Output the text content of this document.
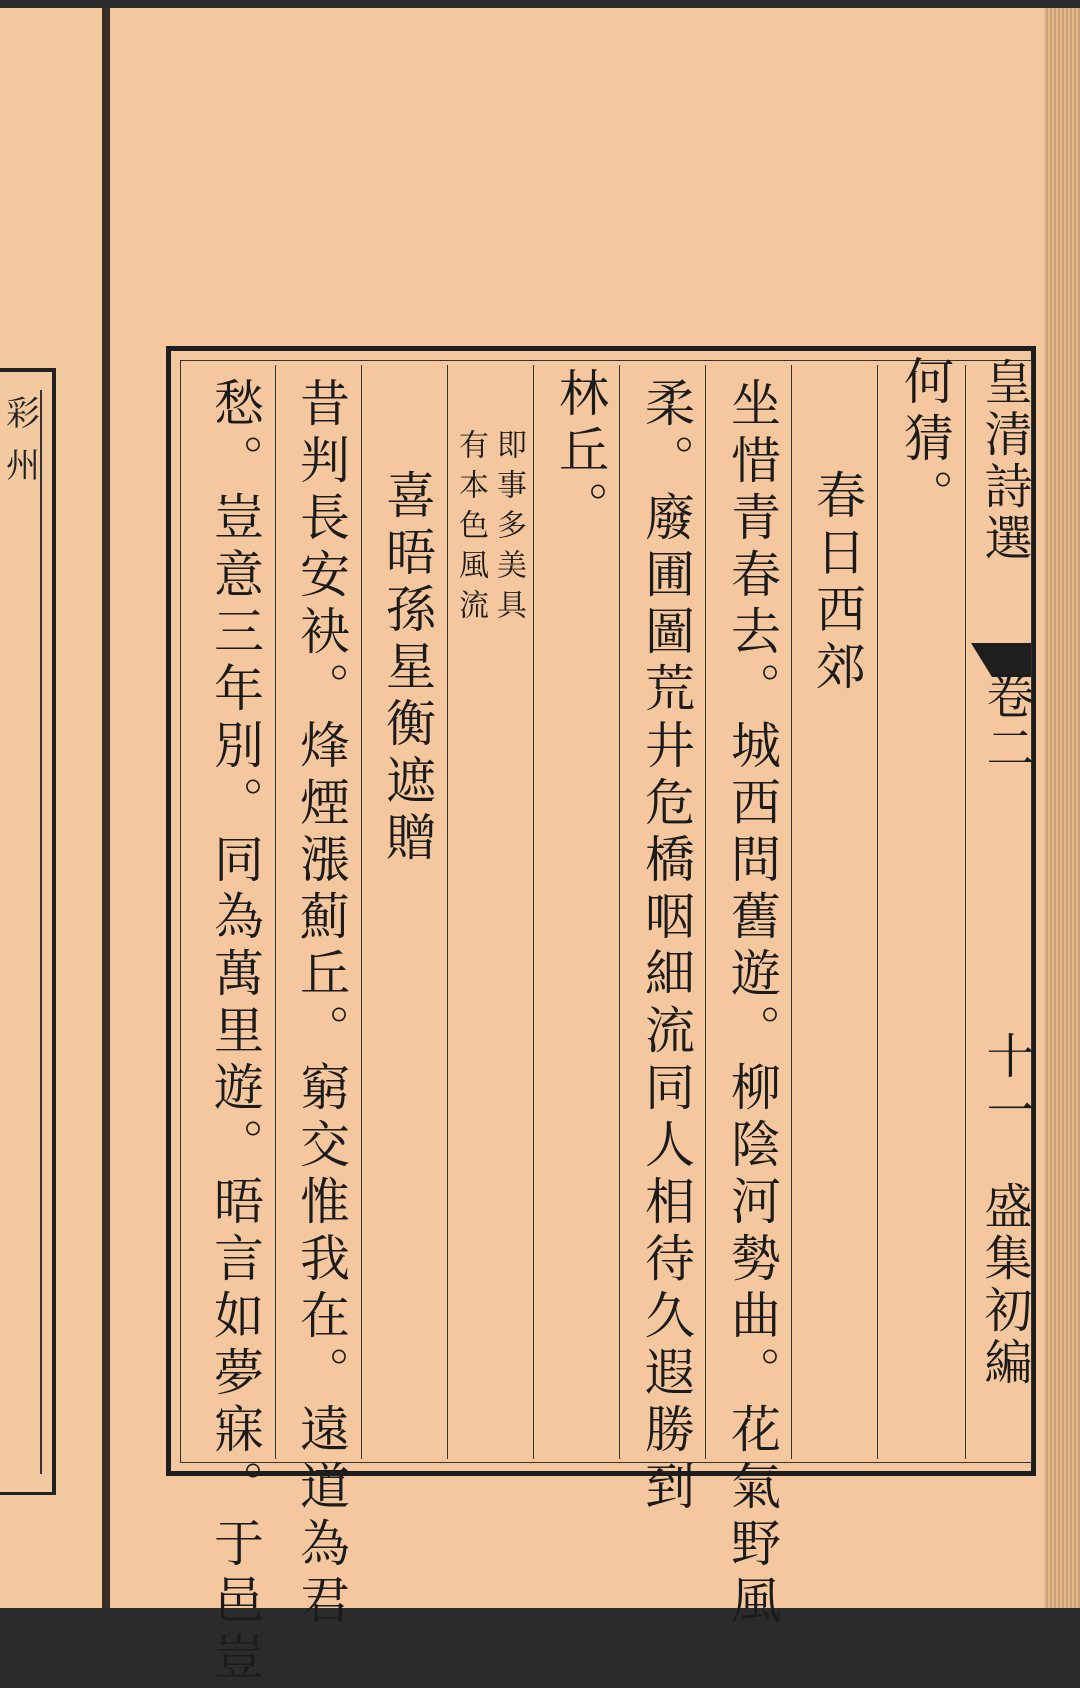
彩
州	皇清詩選
卷二
十一
盛集初編
何猜。
春日西郊
坐惜青春去。城西問舊遊。柳陰河勢曲。花氣野風
柔。廢圃圖荒井危橋咽細流同人相待久遐勝到
林丘。
即事多美具
有本色風流
喜晤孫星衡遮贈
昔判長安袂。烽煙漲薊丘。窮交惟我在。遠道為君
愁。豈意三年別。同為萬里遊。晤言如夢寐。于邑豈
